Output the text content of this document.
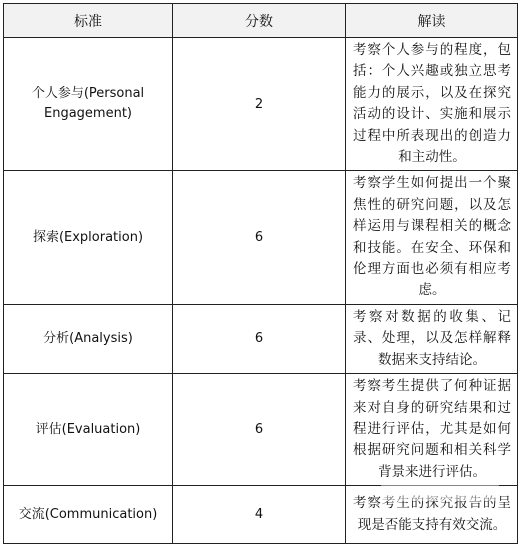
标准	分数	解读
个人参与(Personal Engagement)	2	考察个人参与的程度，包括：个人兴趣或独立思考能力的展示，以及在探究活动的设计、实施和展示过程中所表现出的创造力和主动性。
探索(Exploration)	6	考察学生如何提出一个聚焦性的研究问题，以及怎样运用与课程相关的概念和技能。在安全、环保和伦理方面也必须有相应考虑。
分析(Analysis)	6	考察对数据的收集、记录、处理，以及怎样解释数据来支持结论。
评估(Evaluation)	6	考察考生提供了何种证据来对自身的研究结果和过程进行评估，尤其是如何根据研究问题和相关科学背景来进行评估。
交流(Communication)	4	考察考生的探究报告的呈现是否能支持有效交流。
